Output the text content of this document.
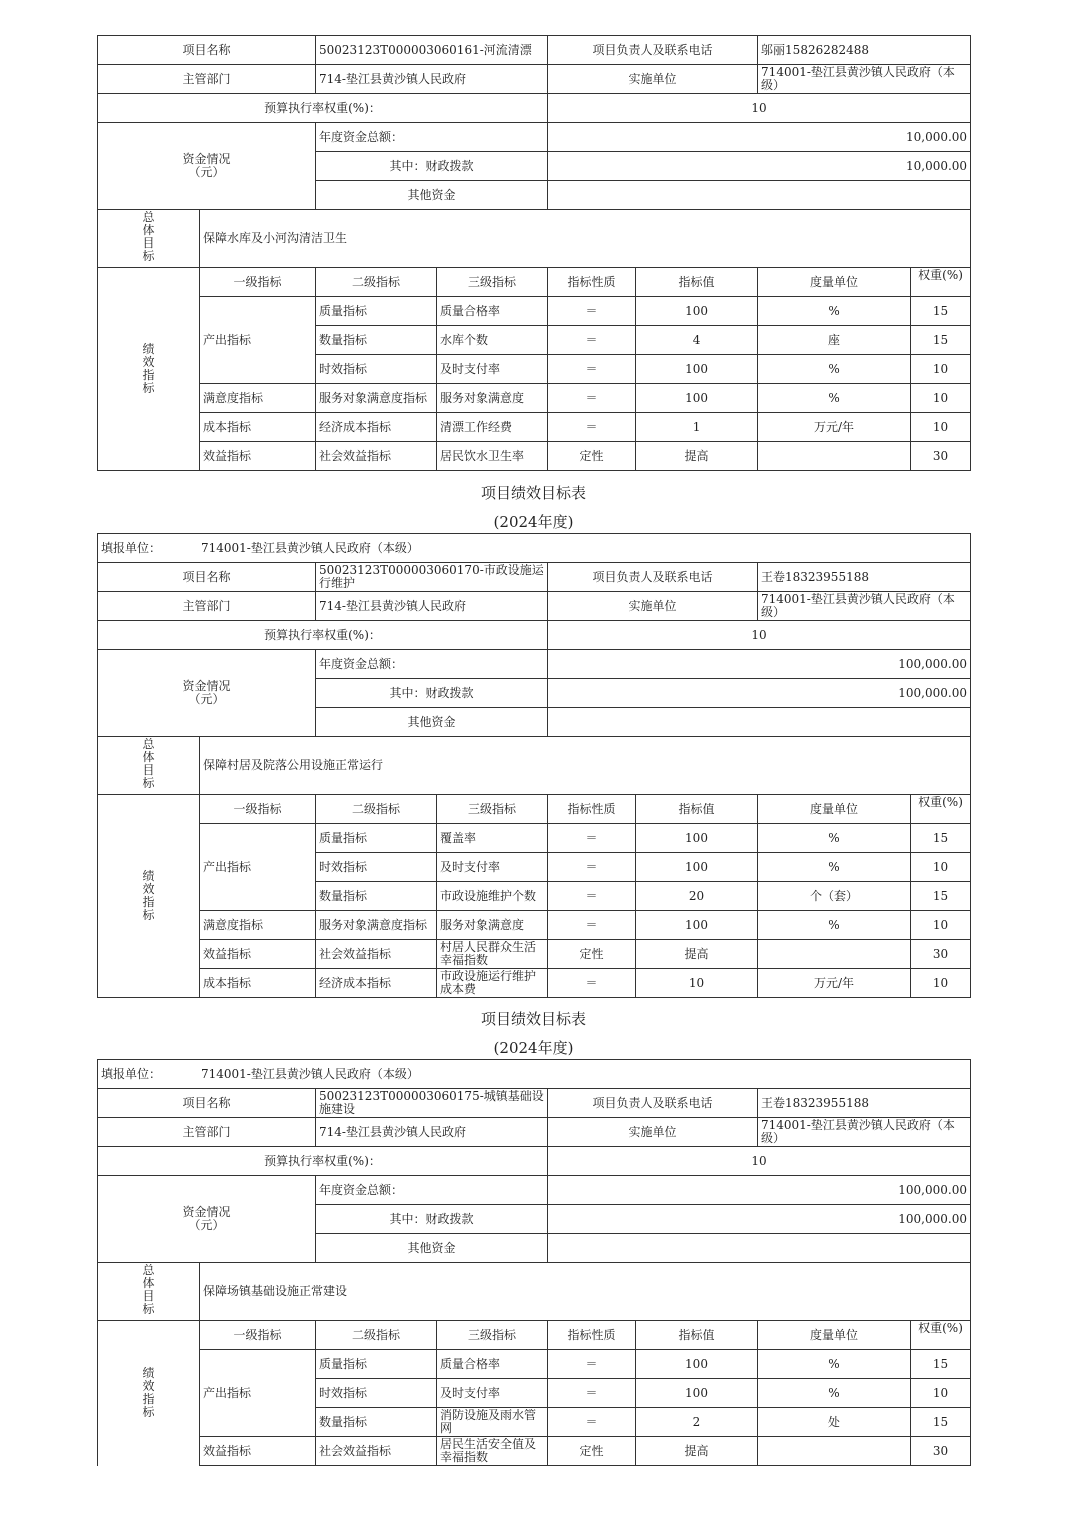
项目名称		50023123T000003060161-河流清漂		项目负责人及联系电话		邬丽15826282488	
主管部门		714-垫江县黄沙镇人民政府		实施单位		714001-垫江县黄沙镇人民政府（本级）	

预算执行率权重(%)：				10			

资金情况（元）		年度资金总额：		10,000.00			
		其中：财政拨款		10,000.00			
		其他资金					

总体目标	保障水库及小河沟清洁卫生						

绩效指标	一级指标	二级指标	三级指标	指标性质	指标值	度量单位	权重(%)

	产出指标	质量指标	质量合格率	＝	100	%	15
		数量指标	水库个数	＝	4	座	15
		时效指标	及时支付率	＝	100	%	10
	满意度指标	服务对象满意度指标	服务对象满意度	＝	100	%	10
	成本指标	经济成本指标	清漂工作经费	＝	1	万元/年	10
	效益指标	社会效益指标	居民饮水卫生率	定性	提高		30
项目绩效目标表
(2024年度)
填报单位： 714001-垫江县黄沙镇人民政府（本级）							
项目名称		50023123T000003060170-市政设施运行维护		项目负责人及联系电话		王卷18323955188	
主管部门		714-垫江县黄沙镇人民政府		实施单位		714001-垫江县黄沙镇人民政府（本级）	

预算执行率权重(%)：				10			

资金情况（元）		年度资金总额：		100,000.00			
		其中：财政拨款		100,000.00			
		其他资金					

总体目标	保障村居及院落公用设施正常运行						

绩效指标	一级指标	二级指标	三级指标	指标性质	指标值	度量单位	权重(%)

	产出指标	质量指标	覆盖率	＝	100	%	15
		时效指标	及时支付率	＝	100	%	10
		数量指标	市政设施维护个数	＝	20	个（套）	15
	满意度指标	服务对象满意度指标	服务对象满意度	＝	100	%	10
	效益指标	社会效益指标	村居人民群众生活幸福指数	定性	提高		30
	成本指标	经济成本指标	市政设施运行维护成本费	＝	10	万元/年	10
项目绩效目标表
(2024年度)
填报单位： 714001-垫江县黄沙镇人民政府（本级）							
项目名称		50023123T000003060175-城镇基础设施建设		项目负责人及联系电话		王卷18323955188	
主管部门		714-垫江县黄沙镇人民政府		实施单位		714001-垫江县黄沙镇人民政府（本级）	

预算执行率权重(%)：				10			

资金情况（元）		年度资金总额：		100,000.00			
		其中：财政拨款		100,000.00			
		其他资金					

总体目标	保障场镇基础设施正常建设						

绩效指标	一级指标	二级指标	三级指标	指标性质	指标值	度量单位	权重(%)

	产出指标	质量指标	质量合格率	＝	100	%	15
		时效指标	及时支付率	＝	100	%	10
		数量指标	消防设施及雨水管网	＝	2	处	15
	效益指标	社会效益指标	居民生活安全值及幸福指数	定性	提高		30
